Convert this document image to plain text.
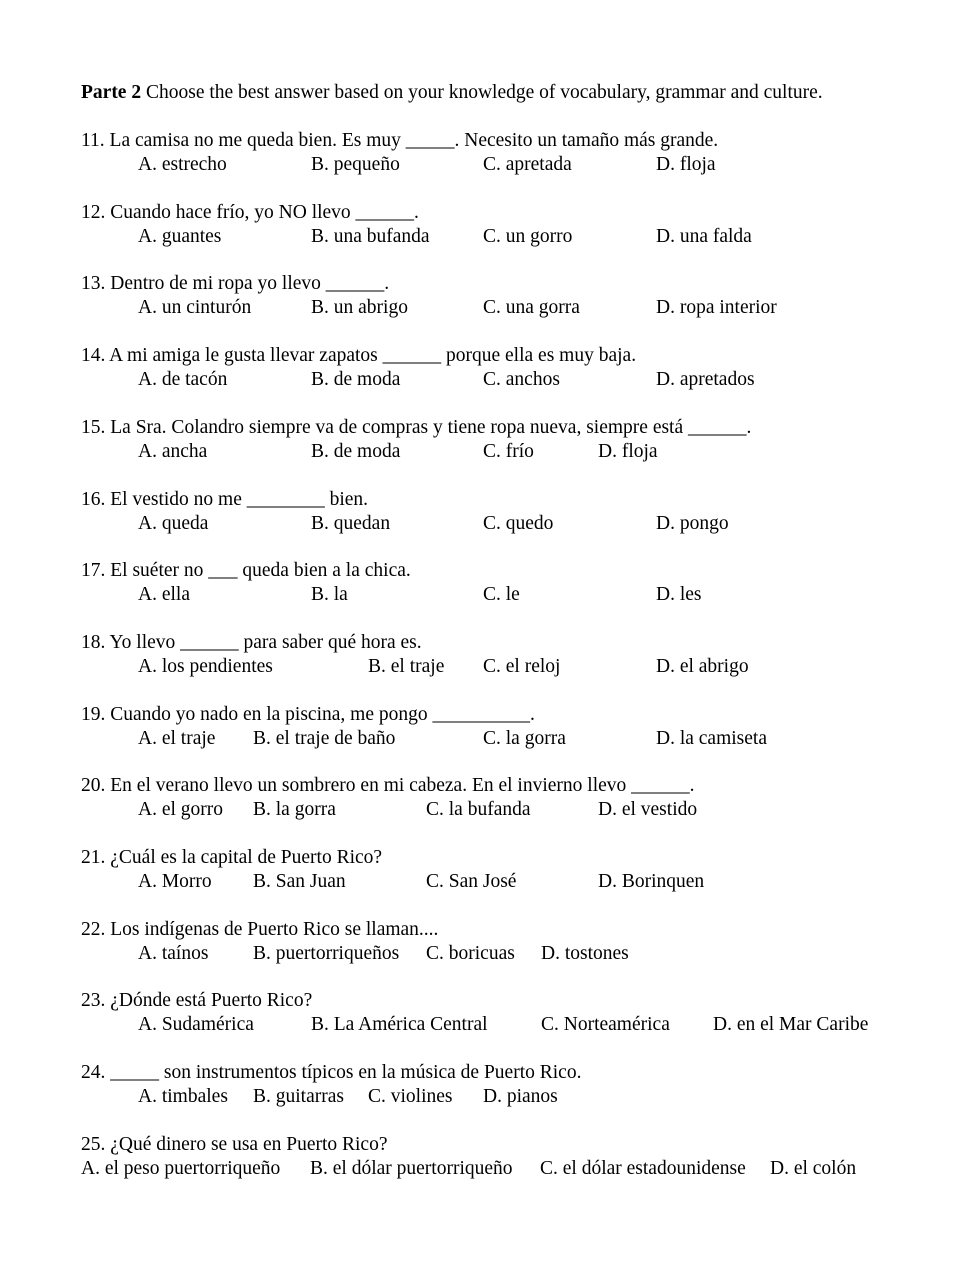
Parte 2 Choose the best answer based on your knowledge of vocabulary, grammar and culture.
11. La camisa no me queda bien. Es muy _____. Necesito un tamaño más grande.
A. estrecho	B. pequeño	C. apretada	D. floja
12. Cuando hace frío, yo NO llevo ______.
A. guantes	B. una bufanda	C. un gorro	D. una falda
13. Dentro de mi ropa yo llevo ______.
A. un cinturón	B. un abrigo	C. una gorra	D. ropa interior
14. A mi amiga le gusta llevar zapatos ______ porque ella es muy baja.
A. de tacón	B. de moda	C. anchos	D. apretados
15. La Sra. Colandro siempre va de compras y tiene ropa nueva, siempre está ______.
A. ancha	B. de moda	C. frío	D. floja
16. El vestido no me ________ bien.
A. queda	B. quedan	C. quedo	D. pongo
17. El suéter no ___ queda bien a la chica.
A. ella	B. la	C. le	D. les
18. Yo llevo ______ para saber qué hora es.
A. los pendientes	B. el traje C. el reloj	D. el abrigo
19. Cuando yo nado en la piscina, me pongo __________.
A. el traje B. el traje de baño	C. la gorra	D. la camiseta
20. En el verano llevo un sombrero en mi cabeza. En el invierno llevo ______.
A. el gorro B. la gorra	C. la bufanda	D. el vestido
21. ¿Cuál es la capital de Puerto Rico?
A. Morro B. San Juan	C. San José	D. Borinquen
22. Los indígenas de Puerto Rico se llaman....
A. taínos B. puertorriqueños C. boricuas D. tostones
23. ¿Dónde está Puerto Rico?
A. Sudamérica	B. La América Central	C. Norteamérica D. en el Mar Caribe
24. _____ son instrumentos típicos en la música de Puerto Rico.
A. timbales B. guitarras C. violines D. pianos
25. ¿Qué dinero se usa en Puerto Rico?
A. el peso puertorriqueño B. el dólar puertorriqueño C. el dólar estadounidense D. el colón
